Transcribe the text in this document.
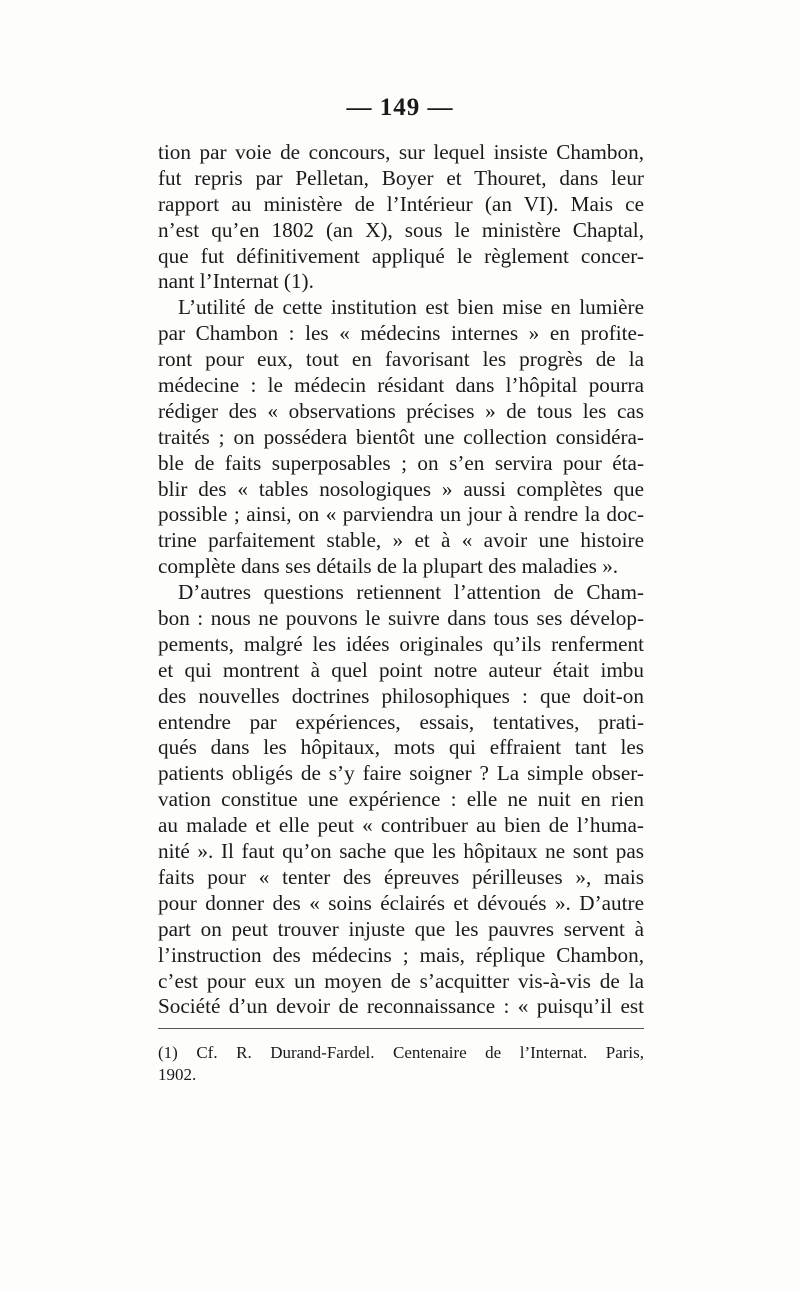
— 149 —
tion par voie de concours, sur lequel insiste Chambon,
fut repris par Pelletan, Boyer et Thouret, dans leur
rapport au ministère de l’Intérieur (an VI). Mais ce
n’est qu’en 1802 (an X), sous le ministère Chaptal,
que fut définitivement appliqué le règlement concer-
nant l’Internat (1).
L’utilité de cette institution est bien mise en lumière
par Chambon : les « médecins internes » en profite-
ront pour eux, tout en favorisant les progrès de la
médecine : le médecin résidant dans l’hôpital pourra
rédiger des « observations précises » de tous les cas
traités ; on possédera bientôt une collection considéra-
ble de faits superposables ; on s’en servira pour éta-
blir des « tables nosologiques » aussi complètes que
possible ; ainsi, on « parviendra un jour à rendre la doc-
trine parfaitement stable, » et à « avoir une histoire
complète dans ses détails de la plupart des maladies ».
D’autres questions retiennent l’attention de Cham-
bon : nous ne pouvons le suivre dans tous ses dévelop-
pements, malgré les idées originales qu’ils renferment
et qui montrent à quel point notre auteur était imbu
des nouvelles doctrines philosophiques : que doit-on
entendre par expériences, essais, tentatives, prati-
qués dans les hôpitaux, mots qui effraient tant les
patients obligés de s’y faire soigner ? La simple obser-
vation constitue une expérience : elle ne nuit en rien
au malade et elle peut « contribuer au bien de l’huma-
nité ». Il faut qu’on sache que les hôpitaux ne sont pas
faits pour « tenter des épreuves périlleuses », mais
pour donner des « soins éclairés et dévoués ». D’autre
part on peut trouver injuste que les pauvres servent à
l’instruction des médecins ; mais, réplique Chambon,
c’est pour eux un moyen de s’acquitter vis-à-vis de la
Société d’un devoir de reconnaissance : « puisqu’il est
(1) Cf. R. Durand-Fardel. Centenaire de l’Internat. Paris,
1902.
